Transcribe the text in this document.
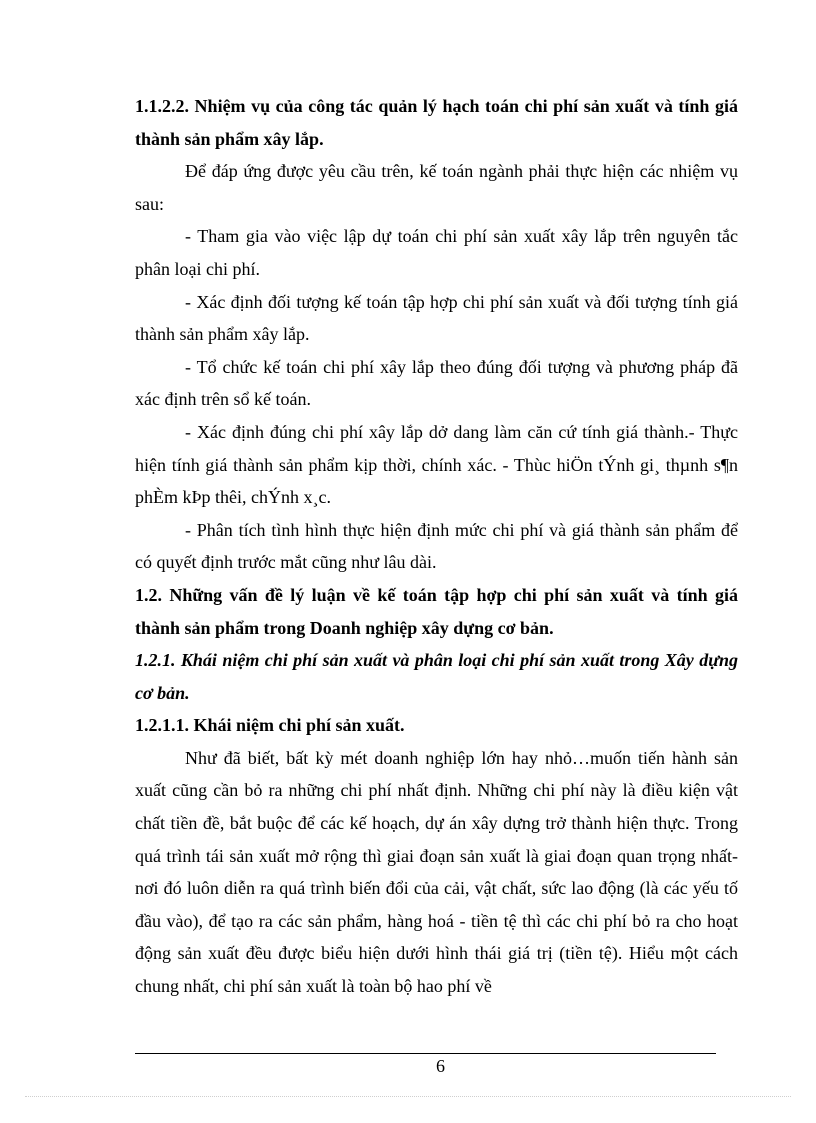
1.1.2.2. Nhiệm vụ của công tác quản lý hạch toán chi phí sản xuất và tính giá thành sản phẩm xây lắp.

Để đáp ứng được yêu cầu trên, kế toán ngành phải thực hiện các nhiệm vụ sau:

- Tham gia vào việc lập dự toán chi phí sản xuất xây lắp trên nguyên tắc phân loại chi phí.

- Xác định đối tượng kế toán tập hợp chi phí sản xuất và đối tượng tính giá thành sản phẩm xây lắp.

- Tổ chức kế toán chi phí xây lắp theo đúng đối tượng và phương pháp đã xác định trên sổ kế toán.

- Xác định đúng chi phí xây lắp dở dang làm căn cứ tính giá thành.- Thực hiện tính giá thành sản phẩm kịp thời, chính xác. - Thùc hiÖn tÝnh gi¸ thµnh s¶n phÈm kÞp thêi, chÝnh x¸c.

- Phân tích tình hình thực hiện định mức chi phí và giá thành sản phẩm để có quyết định trước mắt cũng như lâu dài.

1.2. Những vấn đề lý luận về kế toán tập hợp chi phí sản xuất và tính giá thành sản phẩm trong Doanh nghiệp xây dựng cơ bản.

1.2.1. Khái niệm chi phí sản xuất và phân loại chi phí sản xuất trong Xây dựng cơ bản.

1.2.1.1. Khái niệm chi phí sản xuất.

Như đã biết, bất kỳ mét doanh nghiệp lớn hay nhỏ…muốn tiến hành sản xuất cũng cần bỏ ra những chi phí nhất định. Những chi phí này là điều kiện vật chất tiền đề, bắt buộc để các kế hoạch, dự án xây dựng trở thành hiện thực. Trong quá trình tái sản xuất mở rộng thì giai đoạn sản xuất là giai đoạn quan trọng nhất- nơi đó luôn diễn ra quá trình biến đổi của cải, vật chất, sức lao động (là các yếu tố đầu vào), để tạo ra các sản phẩm, hàng hoá - tiền tệ thì các chi phí bỏ ra cho hoạt động sản xuất đều được biểu hiện dưới hình thái giá trị (tiền tệ). Hiểu một cách chung nhất, chi phí sản xuất là toàn bộ hao phí về

6
